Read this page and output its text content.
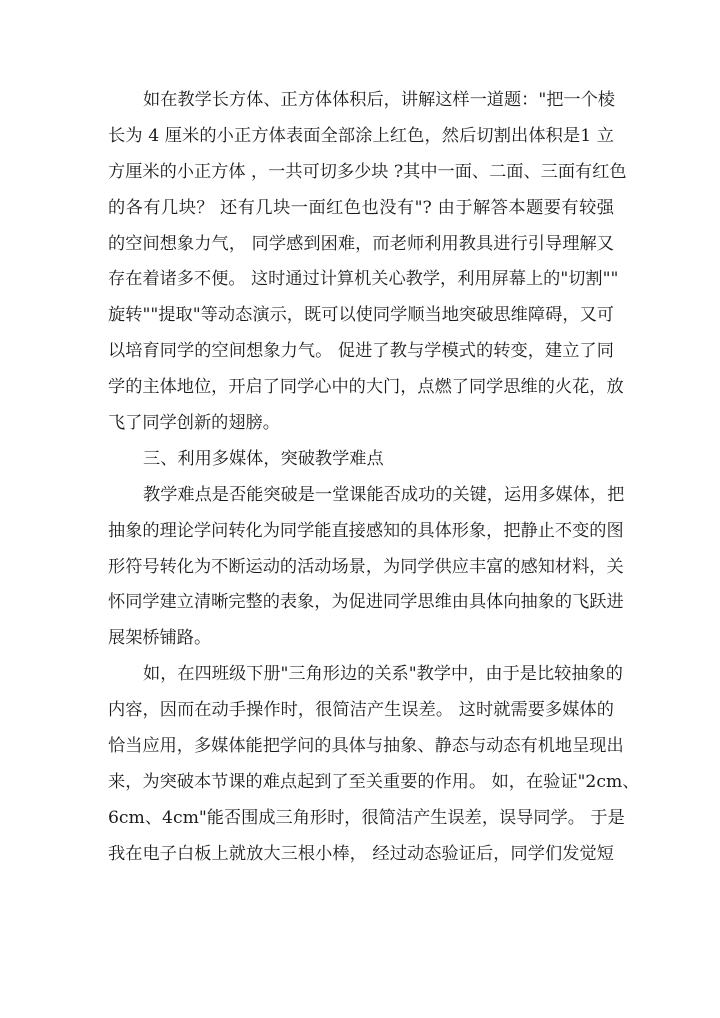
如在教学长方体、正方体体积后，讲解这样一道题："把一个棱
长为 4 厘米的小正方体表面全部涂上红色，然后切割出体积是1 立
方厘米的小正方体 ，一共可切多少块 ?其中一面、二面、三面有红色
的各有几块？ 还有几块一面红色也没有"? 由于解答本题要有较强
的空间想象力气， 同学感到困难，而老师利用教具进行引导理解又
存在着诸多不便。 这时通过计算机关心教学，利用屏幕上的"切割""
旋转""提取"等动态演示，既可以使同学顺当地突破思维障碍，又可
以培育同学的空间想象力气。 促进了教与学模式的转变，建立了同
学的主体地位，开启了同学心中的大门，点燃了同学思维的火花，放
飞了同学创新的翅膀。
三、利用多媒体，突破教学难点
教学难点是否能突破是一堂课能否成功的关键，运用多媒体，把
抽象的理论学问转化为同学能直接感知的具体形象，把静止不变的图
形符号转化为不断运动的活动场景，为同学供应丰富的感知材料，关
怀同学建立清晰完整的表象，为促进同学思维由具体向抽象的飞跃进
展架桥铺路。
如，在四班级下册"三角形边的关系"教学中，由于是比较抽象的
内容，因而在动手操作时，很简洁产生误差。 这时就需要多媒体的
恰当应用，多媒体能把学问的具体与抽象、静态与动态有机地呈现出
来，为突破本节课的难点起到了至关重要的作用。 如，在验证"2cm、
6cm、4cm"能否围成三角形时，很简洁产生误差，误导同学。 于是
我在电子白板上就放大三根小棒， 经过动态验证后，同学们发觉短
